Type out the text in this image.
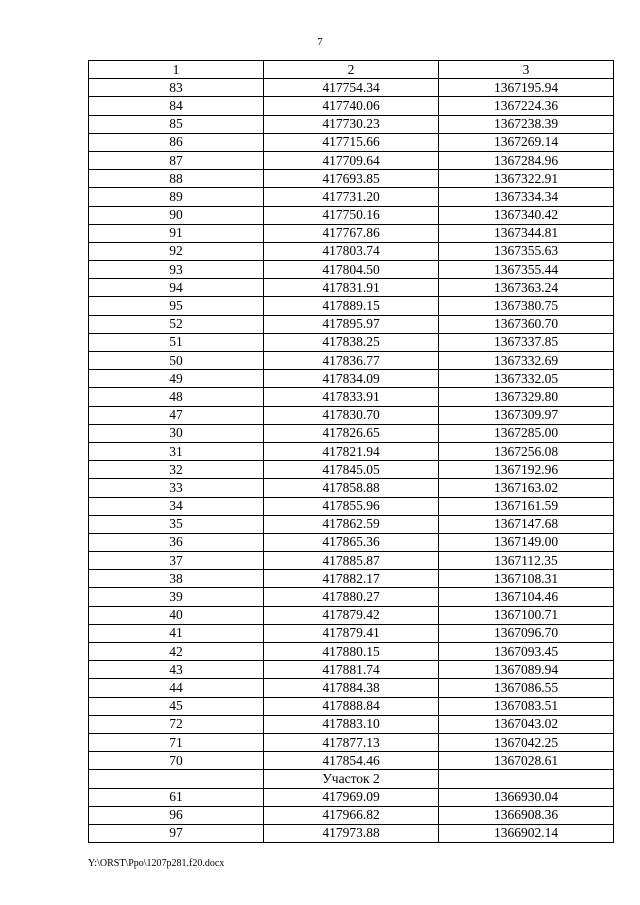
7
1	2	3
83	417754.34	1367195.94
84	417740.06	1367224.36
85	417730.23	1367238.39
86	417715.66	1367269.14
87	417709.64	1367284.96
88	417693.85	1367322.91
89	417731.20	1367334.34
90	417750.16	1367340.42
91	417767.86	1367344.81
92	417803.74	1367355.63
93	417804.50	1367355.44
94	417831.91	1367363.24
95	417889.15	1367380.75
52	417895.97	1367360.70
51	417838.25	1367337.85
50	417836.77	1367332.69
49	417834.09	1367332.05
48	417833.91	1367329.80
47	417830.70	1367309.97
30	417826.65	1367285.00
31	417821.94	1367256.08
32	417845.05	1367192.96
33	417858.88	1367163.02
34	417855.96	1367161.59
35	417862.59	1367147.68
36	417865.36	1367149.00
37	417885.87	1367112.35
38	417882.17	1367108.31
39	417880.27	1367104.46
40	417879.42	1367100.71
41	417879.41	1367096.70
42	417880.15	1367093.45
43	417881.74	1367089.94
44	417884.38	1367086.55
45	417888.84	1367083.51
72	417883.10	1367043.02
71	417877.13	1367042.25
70	417854.46	1367028.61
	Участок 2	
61	417969.09	1366930.04
96	417966.82	1366908.36
97	417973.88	1366902.14
Y:\ORST\Ppo\1207p281.f20.docx
